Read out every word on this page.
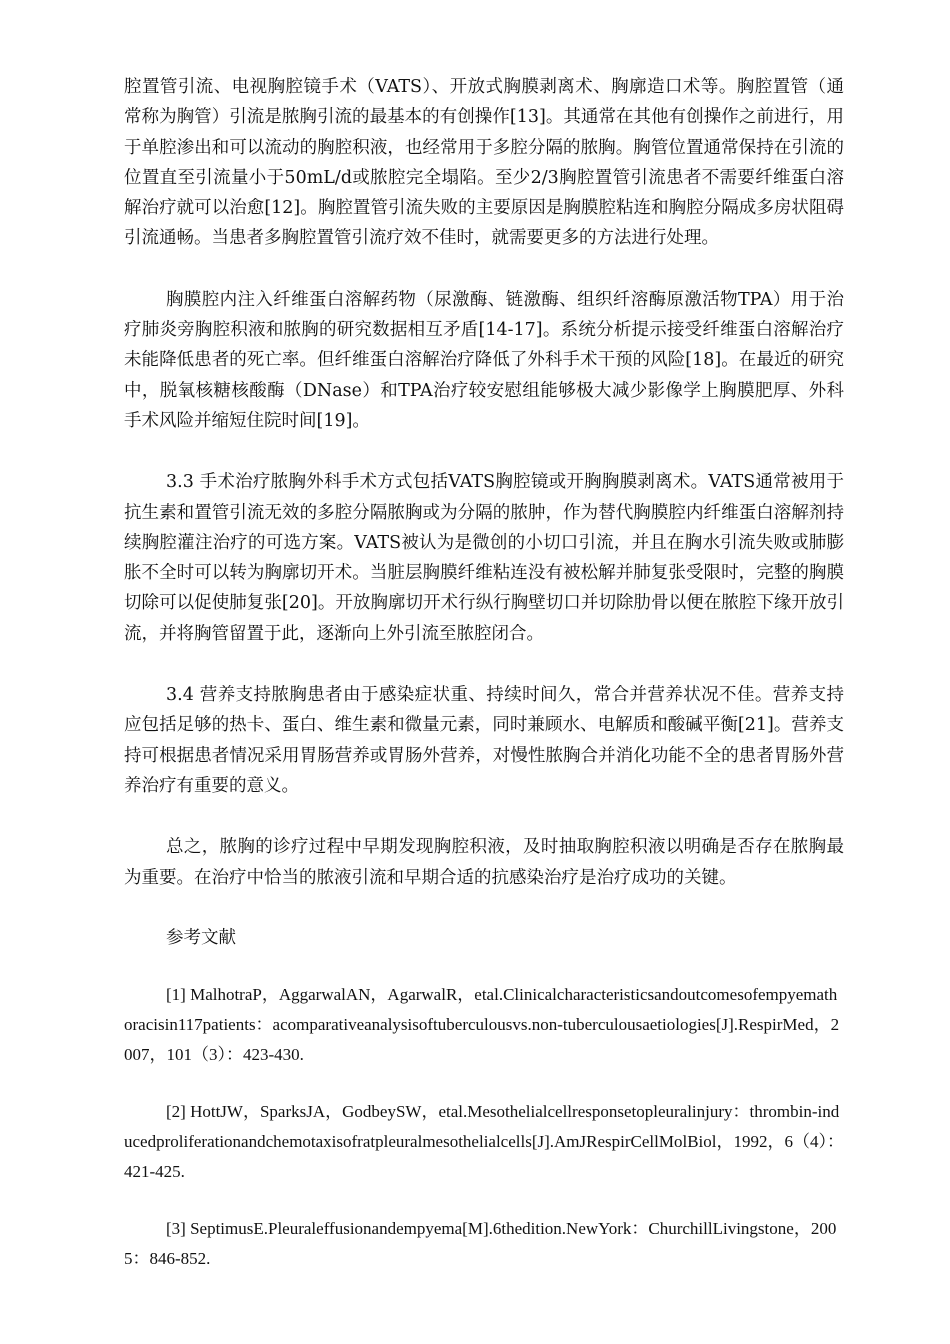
腔置管引流、电视胸腔镜手术（VATS）、开放式胸膜剥离术、胸廓造口术等。胸腔置管（通常称为胸管）引流是脓胸引流的最基本的有创操作[13]。其通常在其他有创操作之前进行，用于单腔渗出和可以流动的胸腔积液，也经常用于多腔分隔的脓胸。胸管位置通常保持在引流的位置直至引流量小于50mL/d或脓腔完全塌陷。至少2/3胸腔置管引流患者不需要纤维蛋白溶解治疗就可以治愈[12]。胸腔置管引流失败的主要原因是胸膜腔粘连和胸腔分隔成多房状阻碍引流通畅。当患者多胸腔置管引流疗效不佳时，就需要更多的方法进行处理。

胸膜腔内注入纤维蛋白溶解药物（尿激酶、链激酶、组织纤溶酶原激活物TPA）用于治疗肺炎旁胸腔积液和脓胸的研究数据相互矛盾[14-17]。系统分析提示接受纤维蛋白溶解治疗未能降低患者的死亡率。但纤维蛋白溶解治疗降低了外科手术干预的风险[18]。在最近的研究中，脱氧核糖核酸酶（DNase）和TPA治疗较安慰组能够极大减少影像学上胸膜肥厚、外科手术风险并缩短住院时间[19]。

3.3 手术治疗脓胸外科手术方式包括VATS胸腔镜或开胸胸膜剥离术。VATS通常被用于抗生素和置管引流无效的多腔分隔脓胸或为分隔的脓肿，作为替代胸膜腔内纤维蛋白溶解剂持续胸腔灌注治疗的可选方案。VATS被认为是微创的小切口引流，并且在胸水引流失败或肺膨胀不全时可以转为胸廓切开术。当脏层胸膜纤维粘连没有被松解并肺复张受限时，完整的胸膜切除可以促使肺复张[20]。开放胸廓切开术行纵行胸壁切口并切除肋骨以便在脓腔下缘开放引流，并将胸管留置于此，逐渐向上外引流至脓腔闭合。

3.4 营养支持脓胸患者由于感染症状重、持续时间久，常合并营养状况不佳。营养支持应包括足够的热卡、蛋白、维生素和微量元素，同时兼顾水、电解质和酸碱平衡[21]。营养支持可根据患者情况采用胃肠营养或胃肠外营养，对慢性脓胸合并消化功能不全的患者胃肠外营养治疗有重要的意义。

总之，脓胸的诊疗过程中早期发现胸腔积液，及时抽取胸腔积液以明确是否存在脓胸最为重要。在治疗中恰当的脓液引流和早期合适的抗感染治疗是治疗成功的关键。

参考文献

[1] MalhotraP，AggarwalAN，AgarwalR，etal.Clinicalcharacteristicsandoutcomesofempyemathoracisin117patients：acomparativeanalysisoftuberculousvs.non-tuberculousaetiologies[J].RespirMed，2007，101（3）：423-430.

[2] HottJW，SparksJA，GodbeySW，etal.Mesothelialcellresponsetopleuralinjury：thrombin-inducedproliferationandchemotaxisofratpleuralmesothelialcells[J].AmJRespirCellMolBiol，1992，6（4）：421-425.

[3] SeptimusE.Pleuraleffusionandempyema[M].6thedition.NewYork：ChurchillLivingstone，2005：846-852.
